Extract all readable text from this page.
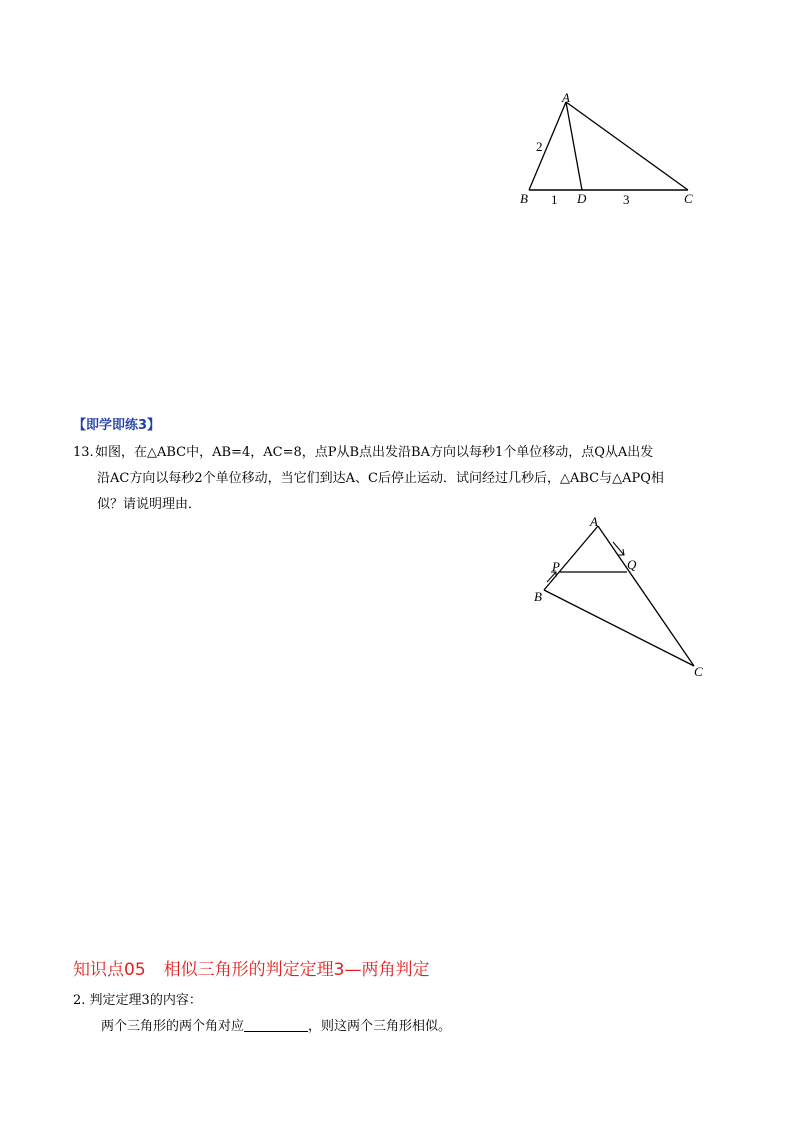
A
B	D	C
2
1	3
【即学即练3】
13.如图，在△ABC中，AB=4，AC=8，点P从B点出发沿BA方向以每秒1个单位移动，点Q从A出发
沿AC方向以每秒2个单位移动，当它们到达A、C后停止运动．试问经过几秒后，△ABC与△APQ相
似？请说明理由．
A
B
C
P	Q
知识点05 相似三角形的判定定理3—两角判定
2. 判定定理3的内容：
两个三角形的两个角对应	，则这两个三角形相似。
